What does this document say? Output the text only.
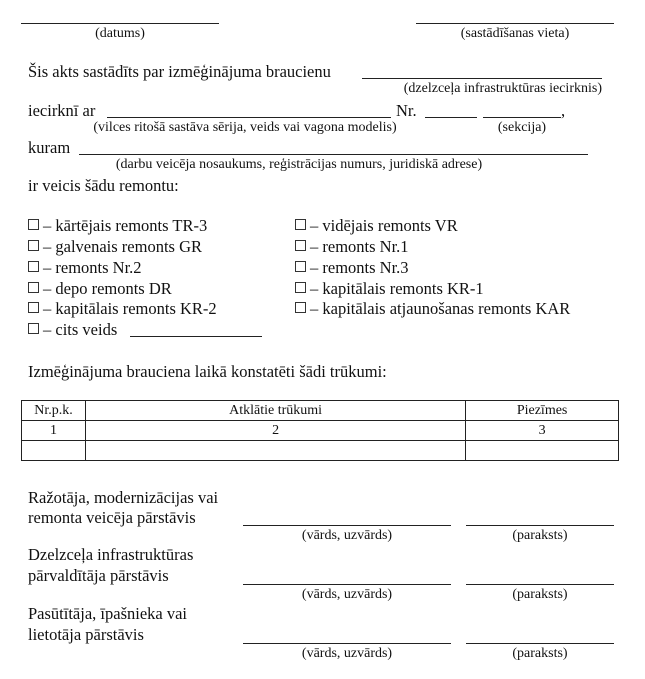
(datums)	(sastādīšanas vieta)
Šis akts sastādīts par izmēģinājuma braucienu
(dzelzceļa infrastruktūras iecirknis)
iecirknī ar	Nr.	,
(vilces ritošā sastāva sērija, veids vai vagona modelis)	(sekcija)
kuram
(darbu veicēja nosaukums, reģistrācijas numurs, juridiskā adrese)
ir veicis šādu remontu:
– kārtējais remonts TR-3
– galvenais remonts GR
– remonts Nr.2
– depo remonts DR
– kapitālais remonts KR-2
– cits veids
– vidējais remonts VR
– remonts Nr.1
– remonts Nr.3
– kapitālais remonts KR-1
– kapitālais atjaunošanas remonts KAR
Izmēģinājuma brauciena laikā konstatēti šādi trūkumi:
Nr.p.k.	Atklātie trūkumi	Piezīmes
1	2	3

Ražotāja, modernizācijas vai
remonta veicēja pārstāvis
(vārds, uzvārds)	(paraksts)
Dzelzceļa infrastruktūras
pārvaldītāja pārstāvis
(vārds, uzvārds)	(paraksts)
Pasūtītāja, īpašnieka vai
lietotāja pārstāvis
(vārds, uzvārds)	(paraksts)
